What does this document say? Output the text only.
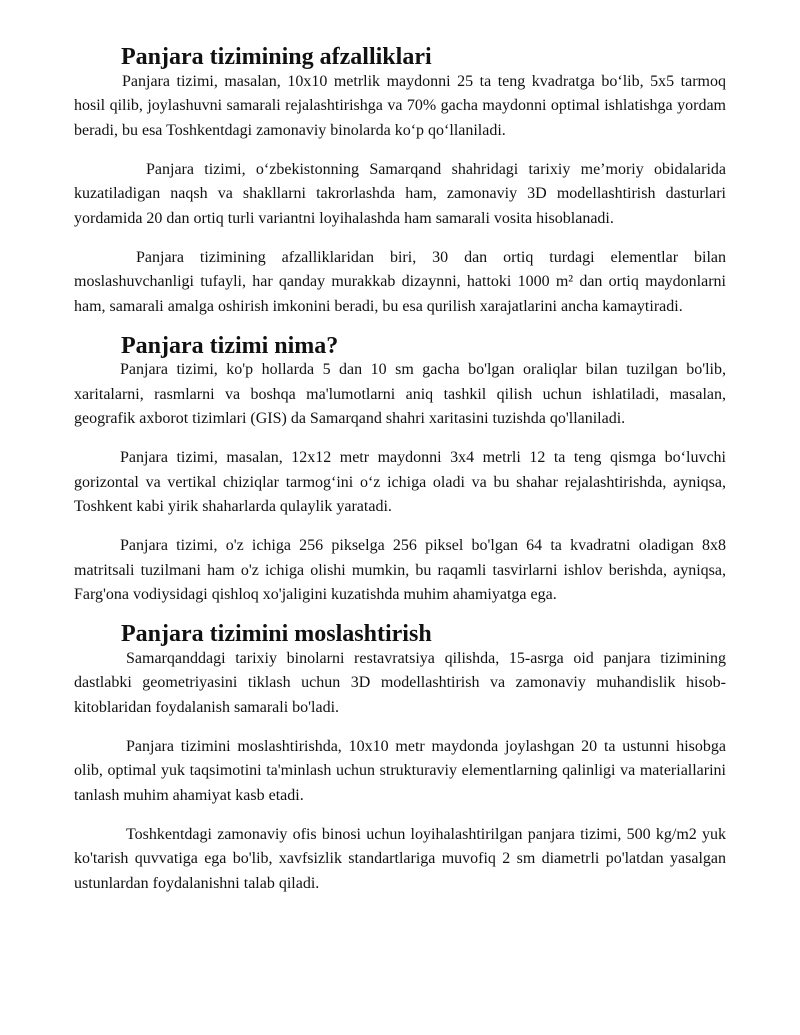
Panjara tizimining afzalliklari

Panjara tizimi, masalan, 10x10 metrlik maydonni 25 ta teng kvadratga bo‘lib, 5x5 tarmoq hosil qilib, joylashuvni samarali rejalashtirishga va 70% gacha maydonni optimal ishlatishga yordam beradi, bu esa Toshkentdagi zamonaviy binolarda ko‘p qo‘llaniladi.

Panjara tizimi, o‘zbekistonning Samarqand shahridagi tarixiy me’moriy obidalarida kuzatiladigan naqsh va shakllarni takrorlashda ham, zamonaviy 3D modellashtirish dasturlari yordamida 20 dan ortiq turli variantni loyihalashda ham samarali vosita hisoblanadi.

Panjara tizimining afzalliklaridan biri, 30 dan ortiq turdagi elementlar bilan moslashuvchanligi tufayli, har qanday murakkab dizaynni, hattoki 1000 m² dan ortiq maydonlarni ham, samarali amalga oshirish imkonini beradi, bu esa qurilish xarajatlarini ancha kamaytiradi.

Panjara tizimi nima?

Panjara tizimi, ko'p hollarda 5 dan 10 sm gacha bo'lgan oraliqlar bilan tuzilgan bo'lib, xaritalarni, rasmlarni va boshqa ma'lumotlarni aniq tashkil qilish uchun ishlatiladi, masalan, geografik axborot tizimlari (GIS) da Samarqand shahri xaritasini tuzishda qo'llaniladi.

Panjara tizimi, masalan, 12x12 metr maydonni 3x4 metrli 12 ta teng qismga bo‘luvchi gorizontal va vertikal chiziqlar tarmog‘ini o‘z ichiga oladi va bu shahar rejalashtirishda, ayniqsa, Toshkent kabi yirik shaharlarda qulaylik yaratadi.

Panjara tizimi, o'z ichiga 256 pikselga 256 piksel bo'lgan 64 ta kvadratni oladigan 8x8 matritsali tuzilmani ham o'z ichiga olishi mumkin, bu raqamli tasvirlarni ishlov berishda, ayniqsa, Farg'ona vodiysidagi qishloq xo'jaligini kuzatishda muhim ahamiyatga ega.

Panjara tizimini moslashtirish

Samarqanddagi tarixiy binolarni restavratsiya qilishda, 15-asrga oid panjara tizimining dastlabki geometriyasini tiklash uchun 3D modellashtirish va zamonaviy muhandislik hisob-kitoblaridan foydalanish samarali bo'ladi.

Panjara tizimini moslashtirishda, 10x10 metr maydonda joylashgan 20 ta ustunni hisobga olib, optimal yuk taqsimotini ta'minlash uchun strukturaviy elementlarning qalinligi va materiallarini tanlash muhim ahamiyat kasb etadi.

Toshkentdagi zamonaviy ofis binosi uchun loyihalashtirilgan panjara tizimi, 500 kg/m2 yuk ko'tarish quvvatiga ega bo'lib, xavfsizlik standartlariga muvofiq 2 sm diametrli po'latdan yasalgan ustunlardan foydalanishni talab qiladi.
